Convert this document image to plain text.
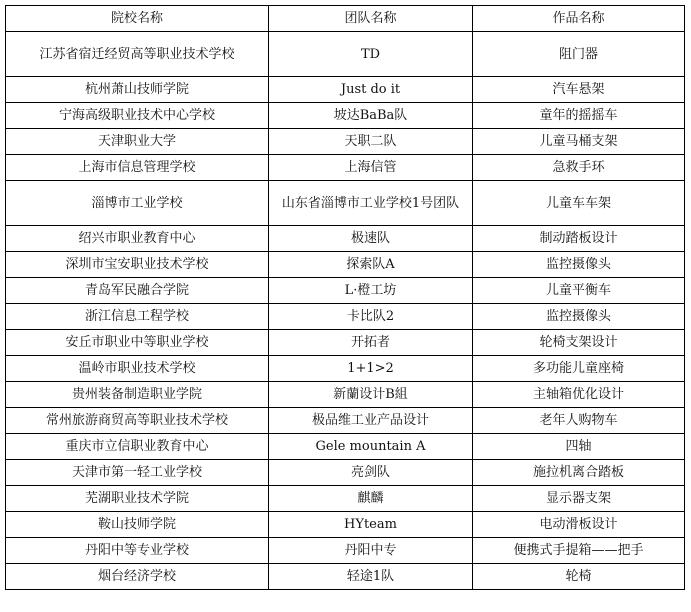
院校名称	团队名称	作品名称
江苏省宿迁经贸高等职业技术学校	TD	阻门器
杭州萧山技师学院	Just do it	汽车悬架
宁海高级职业技术中心学校	坡达BaBa队	童年的摇摇车
天津职业大学	天职二队	儿童马桶支架
上海市信息管理学校	上海信管	急救手环
淄博市工业学校	山东省淄博市工业学校1号团队	儿童车车架
绍兴市职业教育中心	极速队	制动踏板设计
深圳市宝安职业技术学校	探索队A	监控摄像头
青岛军民融合学院	L·橙工坊	儿童平衡车
浙江信息工程学校	卡比队2	监控摄像头
安丘市职业中等职业学校	开拓者	轮椅支架设计
温岭市职业技术学校	1+1>2	多功能儿童座椅
贵州装备制造职业学院	新蘭设计B組	主轴箱优化设计
常州旅游商贸高等职业技术学校	极品维工业产品设计	老年人购物车
重庆市立信职业教育中心	Gele mountain A	四轴
天津市第一轻工业学校	亮剑队	施拉机离合踏板
芜湖职业技术学院	麒麟	显示器支架
鞍山技师学院	HYteam	电动滑板设计
丹阳中等专业学校	丹阳中专	便携式手提箱——把手
烟台经济学校	轻途1队	轮椅
